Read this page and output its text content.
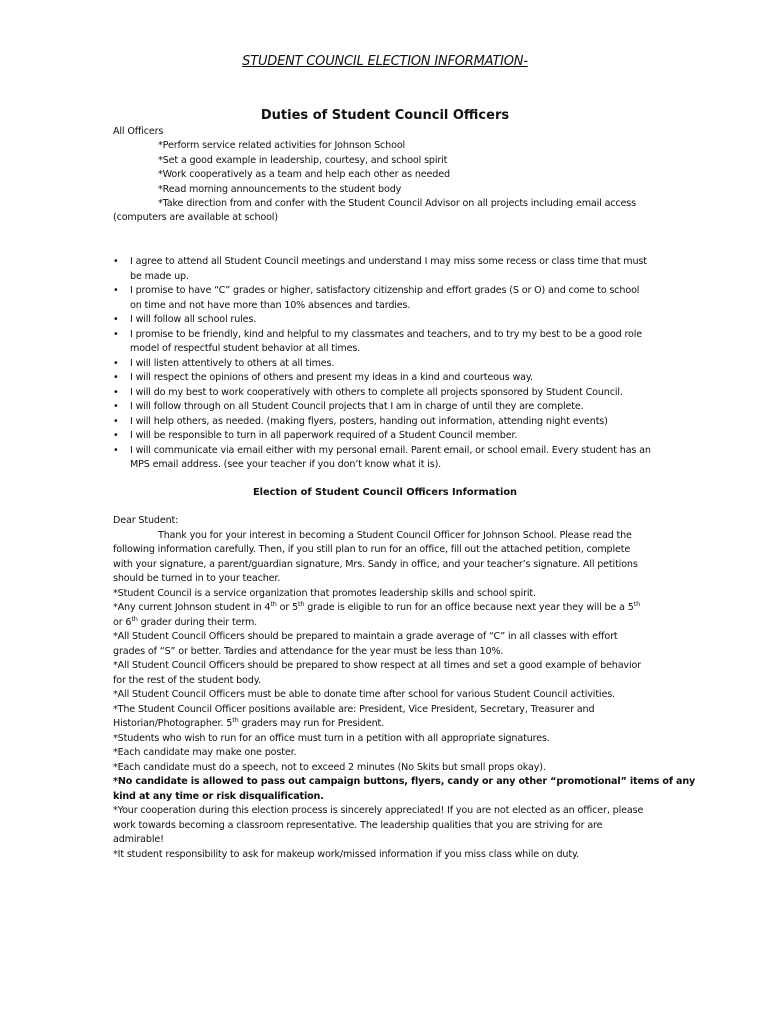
STUDENT COUNCIL ELECTION INFORMATION-
Duties of Student Council Officers
All Officers
*Perform service related activities for Johnson School
*Set a good example in leadership, courtesy, and school spirit
*Work cooperatively as a team and help each other as needed
*Read morning announcements to the student body
*Take direction from and confer with the Student Council Advisor on all projects including email access
(computers are available at school)
• I agree to attend all Student Council meetings and understand I may miss some recess or class time that must
be made up.
• I promise to have “C” grades or higher, satisfactory citizenship and effort grades (S or O) and come to school
on time and not have more than 10% absences and tardies.
• I will follow all school rules.
• I promise to be friendly, kind and helpful to my classmates and teachers, and to try my best to be a good role
model of respectful student behavior at all times.
• I will listen attentively to others at all times.
• I will respect the opinions of others and present my ideas in a kind and courteous way.
• I will do my best to work cooperatively with others to complete all projects sponsored by Student Council.
• I will follow through on all Student Council projects that I am in charge of until they are complete.
• I will help others, as needed. (making flyers, posters, handing out information, attending night events)
• I will be responsible to turn in all paperwork required of a Student Council member.
• I will communicate via email either with my personal email. Parent email, or school email. Every student has an
MPS email address. (see your teacher if you don’t know what it is).
Election of Student Council Officers Information
Dear Student:
Thank you for your interest in becoming a Student Council Officer for Johnson School. Please read the
following information carefully. Then, if you still plan to run for an office, fill out the attached petition, complete
with your signature, a parent/guardian signature, Mrs. Sandy in office, and your teacher’s signature. All petitions
should be turned in to your teacher.
*Student Council is a service organization that promotes leadership skills and school spirit.
*Any current Johnson student in 4th or 5th grade is eligible to run for an office because next year they will be a 5th
or 6th grader during their term.
*All Student Council Officers should be prepared to maintain a grade average of “C” in all classes with effort
grades of “S” or better. Tardies and attendance for the year must be less than 10%.
*All Student Council Officers should be prepared to show respect at all times and set a good example of behavior
for the rest of the student body.
*All Student Council Officers must be able to donate time after school for various Student Council activities.
*The Student Council Officer positions available are: President, Vice President, Secretary, Treasurer and
Historian/Photographer. 5th graders may run for President.
*Students who wish to run for an office must turn in a petition with all appropriate signatures.
*Each candidate may make one poster.
*Each candidate must do a speech, not to exceed 2 minutes (No Skits but small props okay).
*No candidate is allowed to pass out campaign buttons, flyers, candy or any other “promotional” items of any
kind at any time or risk disqualification.
*Your cooperation during this election process is sincerely appreciated! If you are not elected as an officer, please
work towards becoming a classroom representative. The leadership qualities that you are striving for are
admirable!
*It student responsibility to ask for makeup work/missed information if you miss class while on duty.
